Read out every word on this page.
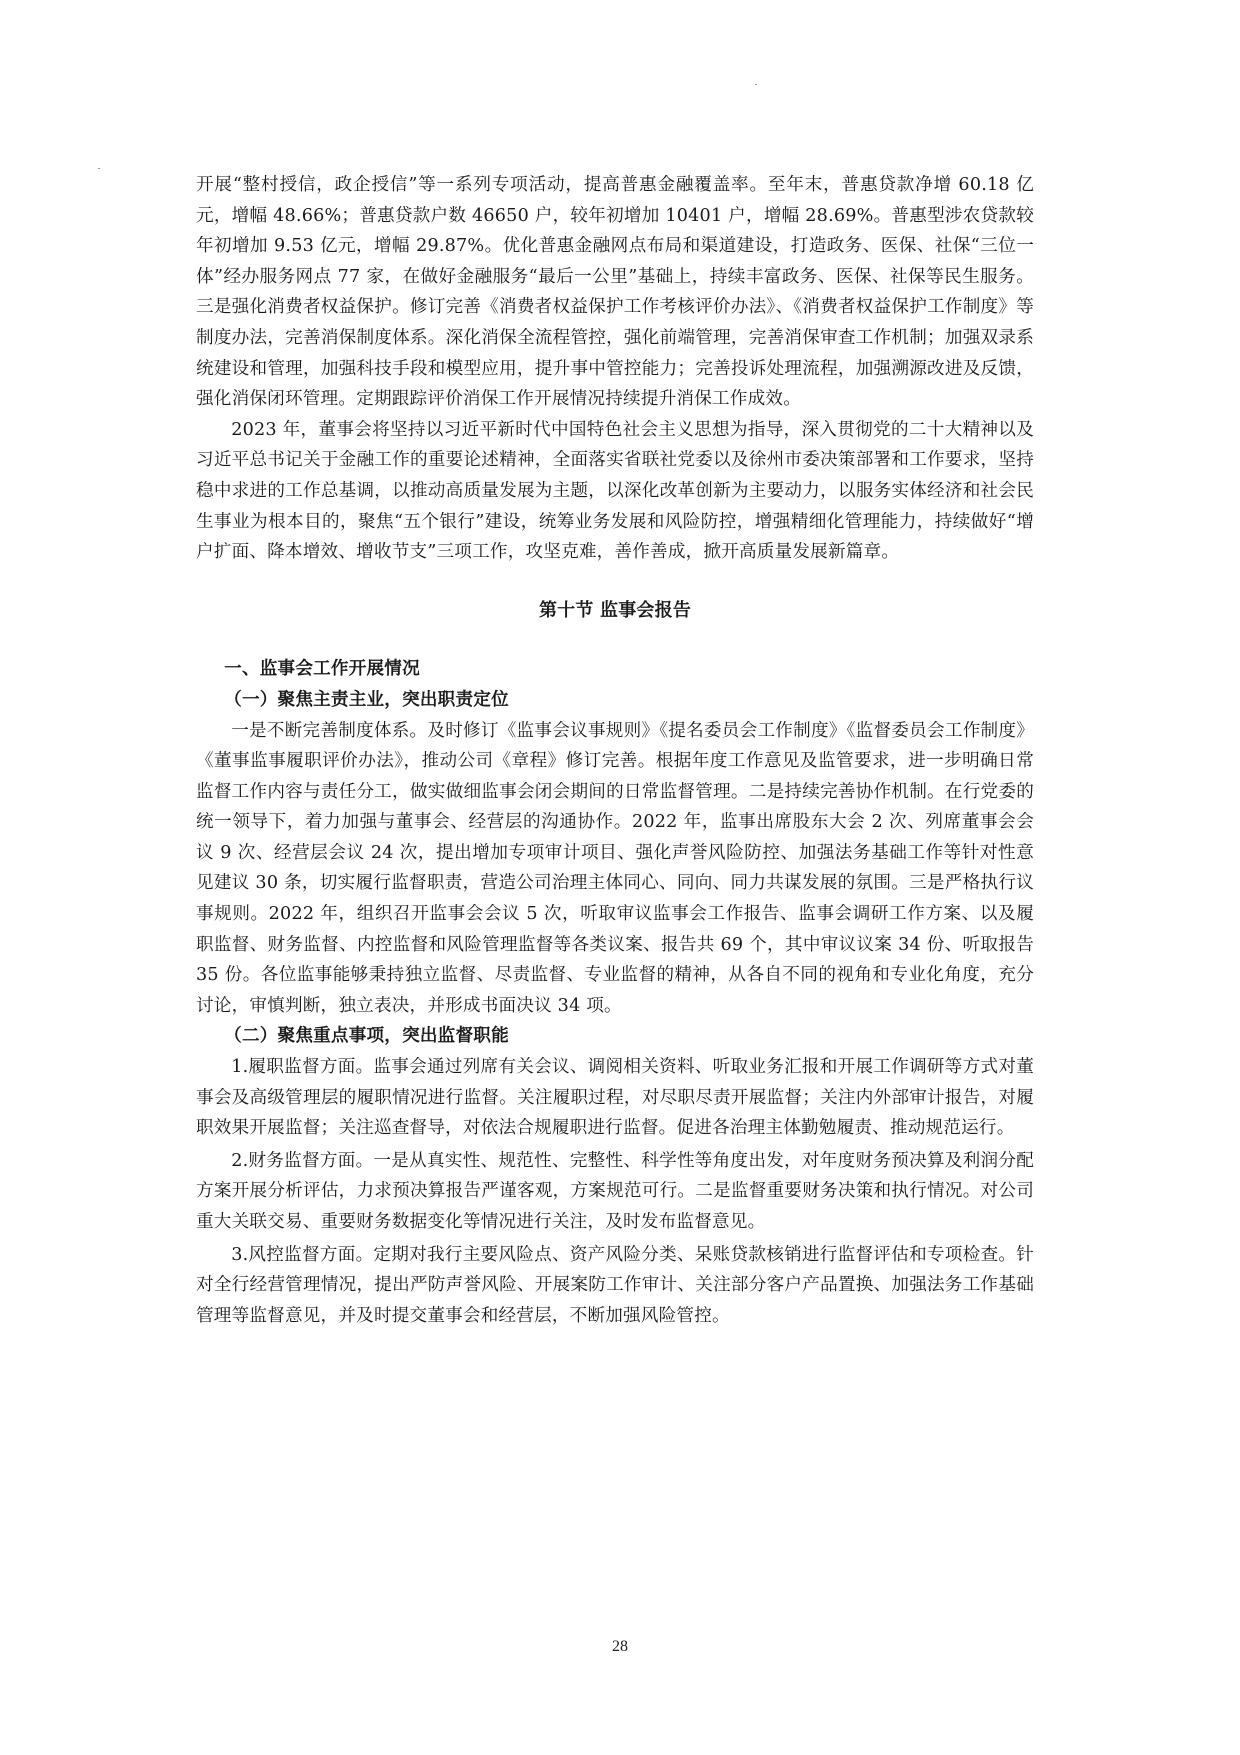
开展“整村授信，政企授信”等一系列专项活动，提高普惠金融覆盖率。至年末，普惠贷款净增 60.18 亿元，增幅 48.66%；普惠贷款户数 46650 户，较年初增加 10401 户，增幅 28.69%。普惠型涉农贷款较年初增加 9.53 亿元，增幅 29.87%。优化普惠金融网点布局和渠道建设，打造政务、医保、社保“三位一体”经办服务网点 77 家，在做好金融服务“最后一公里”基础上，持续丰富政务、医保、社保等民生服务。三是强化消费者权益保护。修订完善《消费者权益保护工作考核评价办法》、《消费者权益保护工作制度》等制度办法，完善消保制度体系。深化消保全流程管控，强化前端管理，完善消保审查工作机制；加强双录系统建设和管理，加强科技手段和模型应用，提升事中管控能力；完善投诉处理流程，加强溯源改进及反馈，强化消保闭环管理。定期跟踪评价消保工作开展情况持续提升消保工作成效。

2023 年，董事会将坚持以习近平新时代中国特色社会主义思想为指导，深入贯彻党的二十大精神以及习近平总书记关于金融工作的重要论述精神，全面落实省联社党委以及徐州市委决策部署和工作要求，坚持稳中求进的工作总基调，以推动高质量发展为主题，以深化改革创新为主要动力，以服务实体经济和社会民生事业为根本目的，聚焦“五个银行”建设，统筹业务发展和风险防控，增强精细化管理能力，持续做好“增户扩面、降本增效、增收节支”三项工作，攻坚克难，善作善成，掀开高质量发展新篇章。

第十节 监事会报告

一、监事会工作开展情况

（一）聚焦主责主业，突出职责定位

一是不断完善制度体系。及时修订《监事会议事规则》《提名委员会工作制度》《监督委员会工作制度》《董事监事履职评价办法》，推动公司《章程》修订完善。根据年度工作意见及监管要求，进一步明确日常监督工作内容与责任分工，做实做细监事会闭会期间的日常监督管理。二是持续完善协作机制。在行党委的统一领导下，着力加强与董事会、经营层的沟通协作。2022 年，监事出席股东大会 2 次、列席董事会会议 9 次、经营层会议 24 次，提出增加专项审计项目、强化声誉风险防控、加强法务基础工作等针对性意见建议 30 条，切实履行监督职责，营造公司治理主体同心、同向、同力共谋发展的氛围。三是严格执行议事规则。2022 年，组织召开监事会会议 5 次，听取审议监事会工作报告、监事会调研工作方案、以及履职监督、财务监督、内控监督和风险管理监督等各类议案、报告共 69 个，其中审议议案 34 份、听取报告 35 份。各位监事能够秉持独立监督、尽责监督、专业监督的精神，从各自不同的视角和专业化角度，充分讨论，审慎判断，独立表决，并形成书面决议 34 项。

（二）聚焦重点事项，突出监督职能

1.履职监督方面。监事会通过列席有关会议、调阅相关资料、听取业务汇报和开展工作调研等方式对董事会及高级管理层的履职情况进行监督。关注履职过程，对尽职尽责开展监督；关注内外部审计报告，对履职效果开展监督；关注巡查督导，对依法合规履职进行监督。促进各治理主体勤勉履责、推动规范运行。

2.财务监督方面。一是从真实性、规范性、完整性、科学性等角度出发，对年度财务预决算及利润分配方案开展分析评估，力求预决算报告严谨客观，方案规范可行。二是监督重要财务决策和执行情况。对公司重大关联交易、重要财务数据变化等情况进行关注，及时发布监督意见。

3.风控监督方面。定期对我行主要风险点、资产风险分类、呆账贷款核销进行监督评估和专项检查。针对全行经营管理情况，提出严防声誉风险、开展案防工作审计、关注部分客户产品置换、加强法务工作基础管理等监督意见，并及时提交董事会和经营层，不断加强风险管控。

28
